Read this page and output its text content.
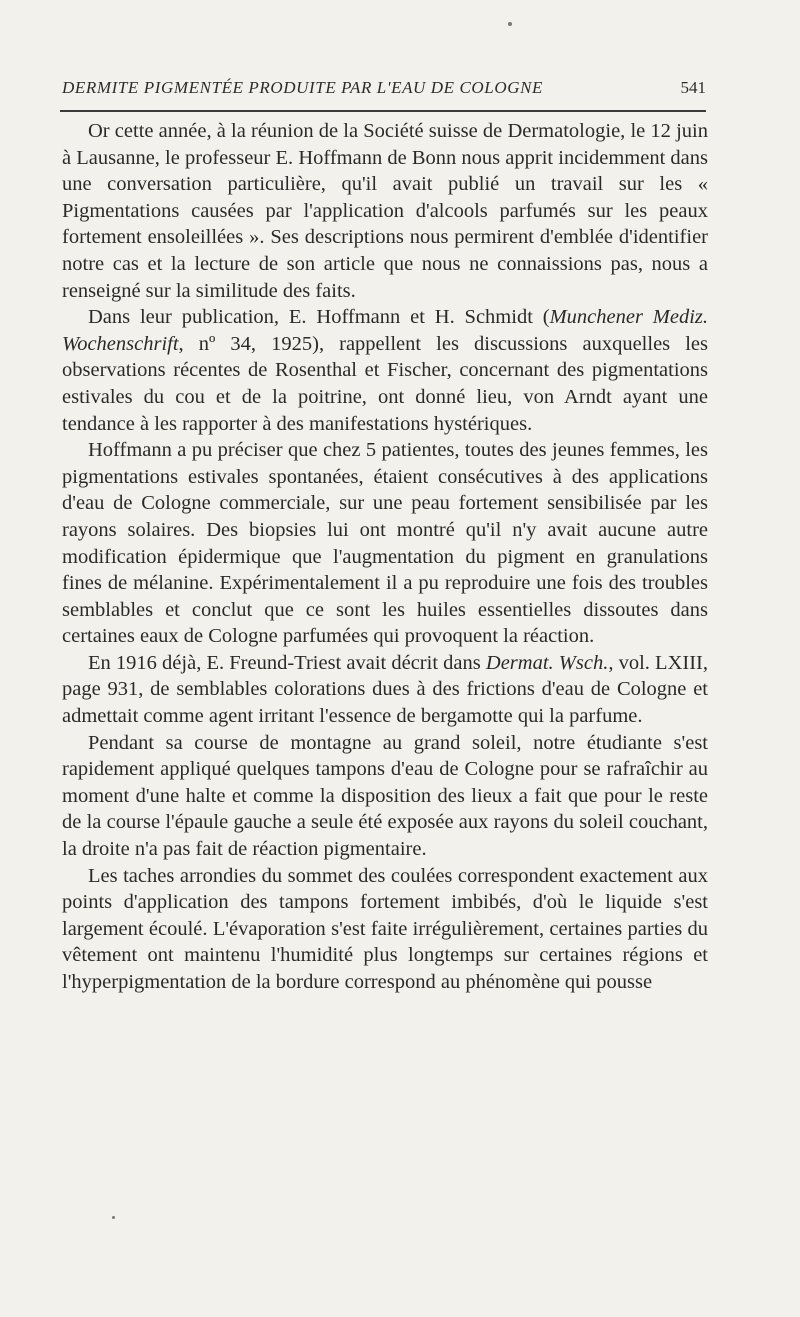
DERMITE PIGMENTÉE PRODUITE PAR L'EAU DE COLOGNE	541

Or cette année, à la réunion de la Société suisse de Dermatologie, le 12 juin à Lausanne, le professeur E. Hoffmann de Bonn nous apprit incidemment dans une conversation particulière, qu'il avait publié un travail sur les « Pigmentations causées par l'application d'alcools parfumés sur les peaux fortement ensoleillées ». Ses descriptions nous permirent d'emblée d'identifier notre cas et la lecture de son article que nous ne connaissions pas, nous a renseigné sur la similitude des faits.

Dans leur publication, E. Hoffmann et H. Schmidt (Munchener Mediz. Wochenschrift, nº 34, 1925), rappellent les discussions auxquelles les observations récentes de Rosenthal et Fischer, concernant des pigmentations estivales du cou et de la poitrine, ont donné lieu, von Arndt ayant une tendance à les rapporter à des manifestations hystériques.

Hoffmann a pu préciser que chez 5 patientes, toutes des jeunes femmes, les pigmentations estivales spontanées, étaient consécutives à des applications d'eau de Cologne commerciale, sur une peau fortement sensibilisée par les rayons solaires. Des biopsies lui ont montré qu'il n'y avait aucune autre modification épidermique que l'augmentation du pigment en granulations fines de mélanine. Expérimentalement il a pu reproduire une fois des troubles semblables et conclut que ce sont les huiles essentielles dissoutes dans certaines eaux de Cologne parfumées qui provoquent la réaction.

En 1916 déjà, E. Freund-Triest avait décrit dans Dermat. Wsch., vol. LXIII, page 931, de semblables colorations dues à des frictions d'eau de Cologne et admettait comme agent irritant l'essence de bergamotte qui la parfume.

Pendant sa course de montagne au grand soleil, notre étudiante s'est rapidement appliqué quelques tampons d'eau de Cologne pour se rafraîchir au moment d'une halte et comme la disposition des lieux a fait que pour le reste de la course l'épaule gauche a seule été exposée aux rayons du soleil couchant, la droite n'a pas fait de réaction pigmentaire.

Les taches arrondies du sommet des coulées correspondent exactement aux points d'application des tampons fortement imbibés, d'où le liquide s'est largement écoulé. L'évaporation s'est faite irrégulièrement, certaines parties du vêtement ont maintenu l'humidité plus longtemps sur certaines régions et l'hyperpigmentation de la bordure correspond au phénomène qui pousse
